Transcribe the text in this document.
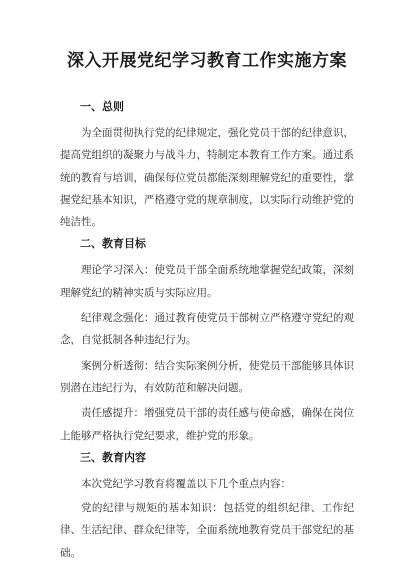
深入开展党纪学习教育工作实施方案
一、总则

为全面贯彻执行党的纪律规定，强化党员干部的纪律意识，提高党组织的凝聚力与战斗力，特制定本教育工作方案。通过系统的教育与培训，确保每位党员都能深刻理解党纪的重要性，掌握党纪基本知识，严格遵守党的规章制度，以实际行动维护党的纯洁性。

二、教育目标

理论学习深入：使党员干部全面系统地掌握党纪政策，深刻理解党纪的精神实质与实际应用。

纪律观念强化：通过教育使党员干部树立严格遵守党纪的观念，自觉抵制各种违纪行为。

案例分析透彻：结合实际案例分析，使党员干部能够具体识别潜在违纪行为，有效防范和解决问题。

责任感提升：增强党员干部的责任感与使命感，确保在岗位上能够严格执行党纪要求，维护党的形象。

三、教育内容

本次党纪学习教育将覆盖以下几个重点内容：

党的纪律与规矩的基本知识：包括党的组织纪律、工作纪律、生活纪律、群众纪律等，全面系统地教育党员干部党纪的基础。
